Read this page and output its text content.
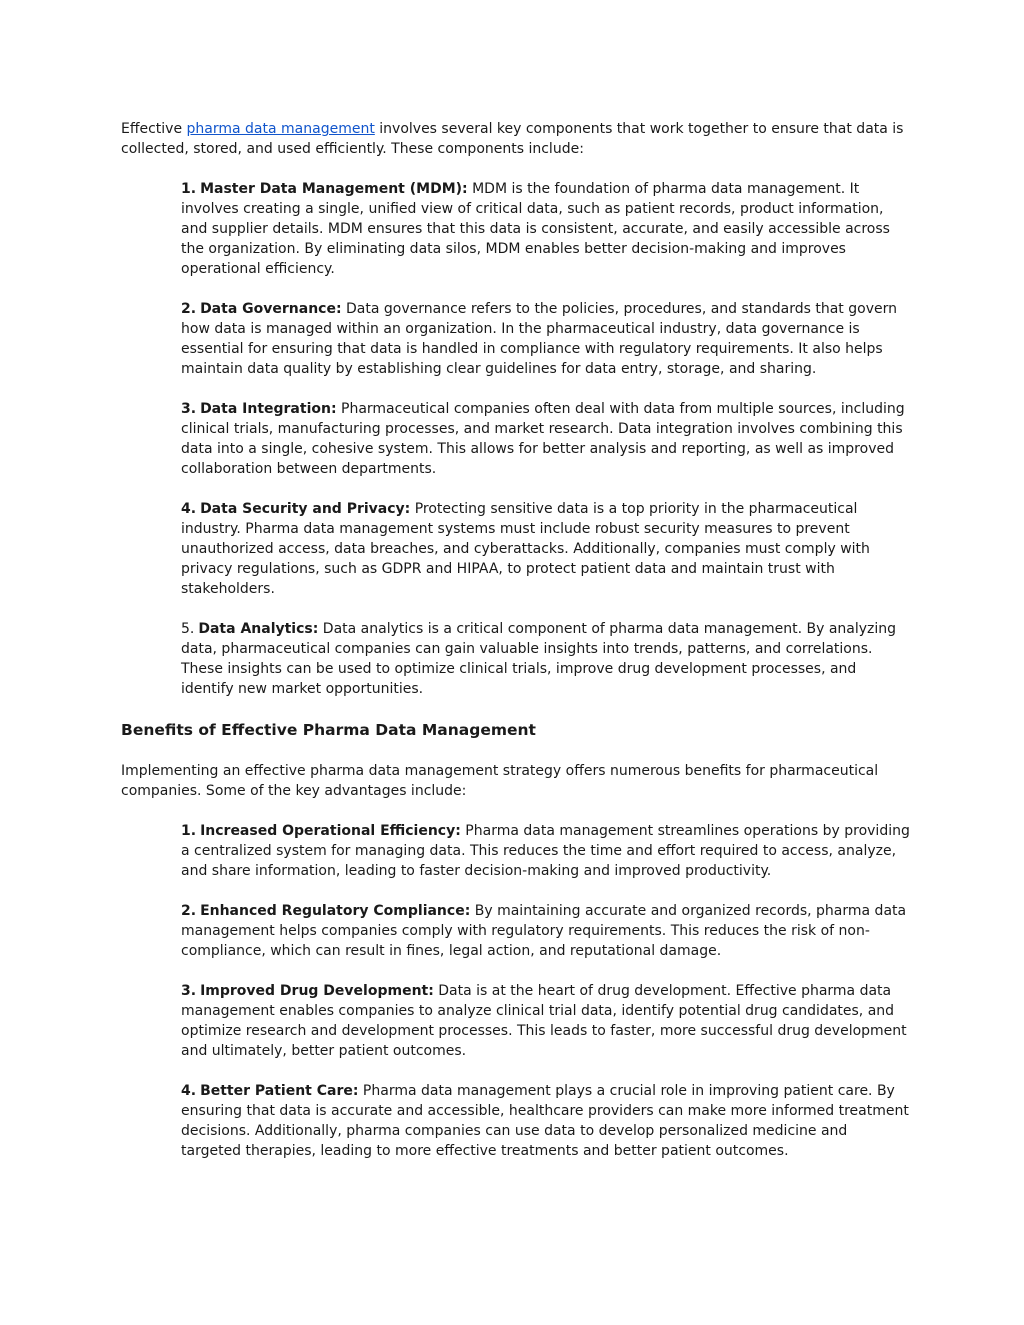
Effective pharma data management involves several key components that work together to ensure that data is collected, stored, and used efficiently. These components include:

1. Master Data Management (MDM): MDM is the foundation of pharma data management. It involves creating a single, unified view of critical data, such as patient records, product information, and supplier details. MDM ensures that this data is consistent, accurate, and easily accessible across the organization. By eliminating data silos, MDM enables better decision-making and improves operational efficiency.

2. Data Governance: Data governance refers to the policies, procedures, and standards that govern how data is managed within an organization. In the pharmaceutical industry, data governance is essential for ensuring that data is handled in compliance with regulatory requirements. It also helps maintain data quality by establishing clear guidelines for data entry, storage, and sharing.

3. Data Integration: Pharmaceutical companies often deal with data from multiple sources, including clinical trials, manufacturing processes, and market research. Data integration involves combining this data into a single, cohesive system. This allows for better analysis and reporting, as well as improved collaboration between departments.

4. Data Security and Privacy: Protecting sensitive data is a top priority in the pharmaceutical industry. Pharma data management systems must include robust security measures to prevent unauthorized access, data breaches, and cyberattacks. Additionally, companies must comply with privacy regulations, such as GDPR and HIPAA, to protect patient data and maintain trust with stakeholders.

5. Data Analytics: Data analytics is a critical component of pharma data management. By analyzing data, pharmaceutical companies can gain valuable insights into trends, patterns, and correlations. These insights can be used to optimize clinical trials, improve drug development processes, and identify new market opportunities.

Benefits of Effective Pharma Data Management

Implementing an effective pharma data management strategy offers numerous benefits for pharmaceutical companies. Some of the key advantages include:

1. Increased Operational Efficiency: Pharma data management streamlines operations by providing a centralized system for managing data. This reduces the time and effort required to access, analyze, and share information, leading to faster decision-making and improved productivity.

2. Enhanced Regulatory Compliance: By maintaining accurate and organized records, pharma data management helps companies comply with regulatory requirements. This reduces the risk of non-compliance, which can result in fines, legal action, and reputational damage.

3. Improved Drug Development: Data is at the heart of drug development. Effective pharma data management enables companies to analyze clinical trial data, identify potential drug candidates, and optimize research and development processes. This leads to faster, more successful drug development and ultimately, better patient outcomes.

4. Better Patient Care: Pharma data management plays a crucial role in improving patient care. By ensuring that data is accurate and accessible, healthcare providers can make more informed treatment decisions. Additionally, pharma companies can use data to develop personalized medicine and targeted therapies, leading to more effective treatments and better patient outcomes.
